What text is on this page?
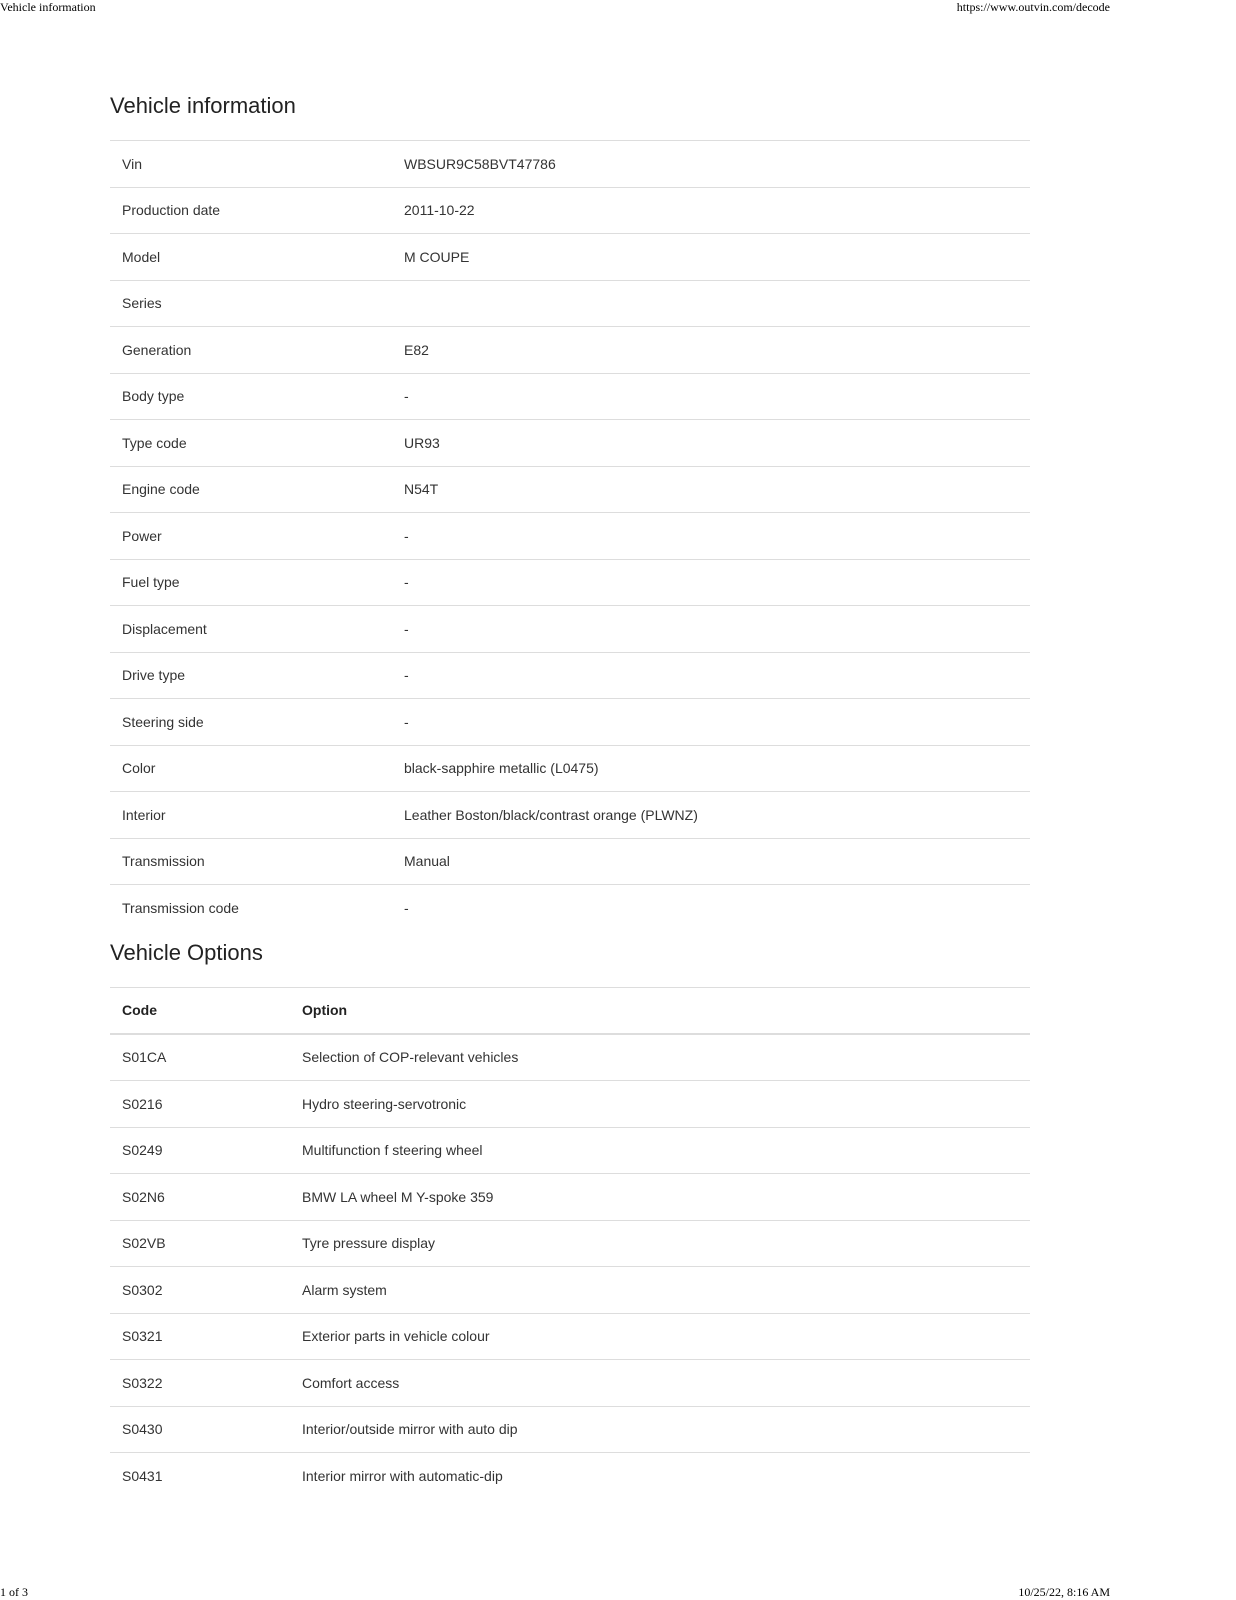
Vehicle information	https://www.outvin.com/decode
Vehicle information
Vin	WBSUR9C58BVT47786
Production date	2011-10-22
Model	M COUPE
Series
Generation	E82
Body type	-
Type code	UR93
Engine code	N54T
Power	-
Fuel type	-
Displacement	-
Drive type	-
Steering side	-
Color	black-sapphire metallic (L0475)
Interior	Leather Boston/black/contrast orange (PLWNZ)
Transmission	Manual
Transmission code	-
Vehicle Options
Code	Option
S01CA	Selection of COP-relevant vehicles
S0216	Hydro steering-servotronic
S0249	Multifunction f steering wheel
S02N6	BMW LA wheel M Y-spoke 359
S02VB	Tyre pressure display
S0302	Alarm system
S0321	Exterior parts in vehicle colour
S0322	Comfort access
S0430	Interior/outside mirror with auto dip
S0431	Interior mirror with automatic-dip
1 of 3	10/25/22, 8:16 AM
